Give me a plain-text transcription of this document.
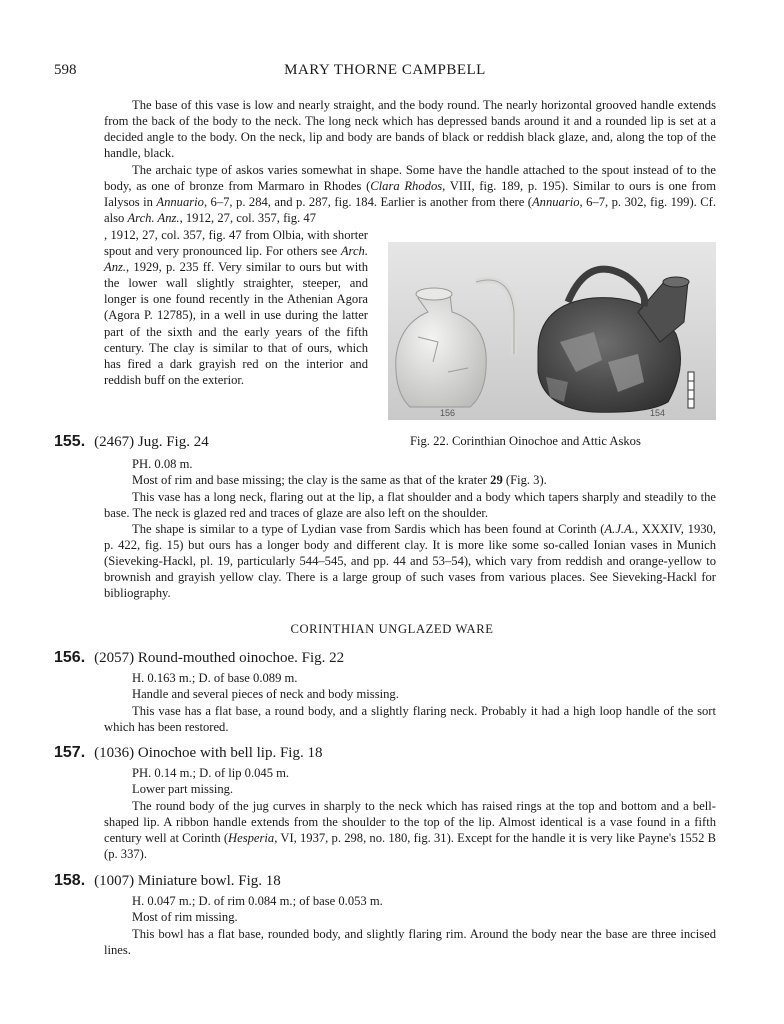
598	MARY THORNE CAMPBELL
The base of this vase is low and nearly straight, and the body round. The nearly horizontal grooved handle extends from the back of the body to the neck. The long neck which has depressed bands around it and a rounded lip is set at a decided angle to the body. On the neck, lip and body are bands of black or reddish black glaze, and, along the top of the handle, black.
The archaic type of askos varies somewhat in shape. Some have the handle attached to the spout instead of to the body, as one of bronze from Marmaro in Rhodes (Clara Rhodos, VIII, fig. 189, p. 195). Similar to ours is one from Ialysos in Annuario, 6–7, p. 284, and p. 287, fig. 184. Earlier is another from there (Annuario, 6–7, p. 302, fig. 199). Cf. also Arch. Anz., 1912, 27, col. 357, fig. 47
, 1912, 27, col. 357, fig. 47 from Olbia, with shorter spout and very pronounced lip. For others see Arch. Anz., 1929, p. 235 ff. Very similar to ours but with the lower wall slightly straighter, steeper, and longer is one found recently in the Athenian Agora (Agora P. 12785), in a well in use during the latter part of the sixth and the early years of the fifth century. The clay is similar to that of ours, which has fired a dark grayish red on the interior and reddish buff on the exterior.
156	154
Fig. 22. Corinthian Oinochoe and Attic Askos
155. (2467) Jug. Fig. 24
PH. 0.08 m.
Most of rim and base missing; the clay is the same as that of the krater 29 (Fig. 3).
This vase has a long neck, flaring out at the lip, a flat shoulder and a body which tapers sharply and steadily to the base. The neck is glazed red and traces of glaze are also left on the shoulder.
The shape is similar to a type of Lydian vase from Sardis which has been found at Corinth (A.J.A., XXXIV, 1930, p. 422, fig. 15) but ours has a longer body and different clay. It is more like some so-called Ionian vases in Munich (Sieveking-Hackl, pl. 19, particularly 544–545, and pp. 44 and 53–54), which vary from reddish and orange-yellow to brownish and grayish yellow clay. There is a large group of such vases from various places. See Sieveking-Hackl for bibliography.
CORINTHIAN UNGLAZED WARE
156. (2057) Round-mouthed oinochoe. Fig. 22
H. 0.163 m.; D. of base 0.089 m.
Handle and several pieces of neck and body missing.
This vase has a flat base, a round body, and a slightly flaring neck. Probably it had a high loop handle of the sort which has been restored.
157. (1036) Oinochoe with bell lip. Fig. 18
PH. 0.14 m.; D. of lip 0.045 m.
Lower part missing.
The round body of the jug curves in sharply to the neck which has raised rings at the top and bottom and a bell-shaped lip. A ribbon handle extends from the shoulder to the top of the lip. Almost identical is a vase found in a fifth century well at Corinth (Hesperia, VI, 1937, p. 298, no. 180, fig. 31). Except for the handle it is very like Payne's 1552 B (p. 337).
158. (1007) Miniature bowl. Fig. 18
H. 0.047 m.; D. of rim 0.084 m.; of base 0.053 m.
Most of rim missing.
This bowl has a flat base, rounded body, and slightly flaring rim. Around the body near the base are three incised lines.
